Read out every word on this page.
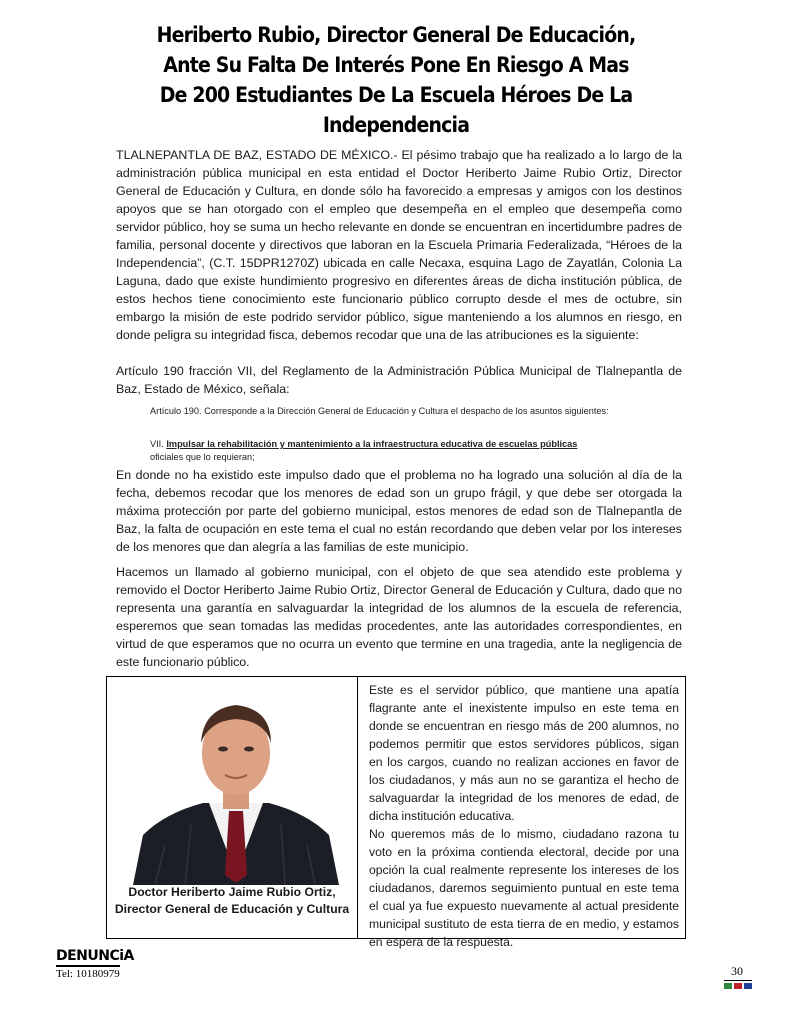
Heriberto Rubio, Director General De Educación, Ante Su Falta De Interés Pone En Riesgo A Mas De 200 Estudiantes De La Escuela Héroes De La Independencia

TLALNEPANTLA DE BAZ, ESTADO DE MÉXICO.- El pésimo trabajo que ha realizado a lo largo de la administración pública municipal en esta entidad el Doctor Heriberto Jaime Rubio Ortiz, Director General de Educación y Cultura, en donde sólo ha favorecido a empresas y amigos con los destinos apoyos que se han otorgado con el empleo que desempeña en el empleo que desempeña como servidor público, hoy se suma un hecho relevante en donde se encuentran en incertidumbre padres de familia, personal docente y directivos que laboran en la Escuela Primaria Federalizada, “Héroes de la Independencia”, (C.T. 15DPR1270Z) ubicada en calle Necaxa, esquina Lago de Zayatlán, Colonia La Laguna, dado que existe hundimiento progresivo en diferentes áreas de dicha institución pública, de estos hechos tiene conocimiento este funcionario público corrupto desde el mes de octubre, sin embargo la misión de este podrido servidor público, sigue manteniendo a los alumnos en riesgo, en donde peligra su integridad fisca, debemos recodar que una de las atribuciones es la siguiente:

Artículo 190 fracción VII, del Reglamento de la Administración Pública Municipal de Tlalnepantla de Baz, Estado de México, señala:

Artículo 190. Corresponde a la Dirección General de Educación y Cultura el despacho de los asuntos siguientes:

VII. Impulsar la rehabilitación y mantenimiento a la infraestructura educativa de escuelas públicas
oficiales que lo requieran;

En donde no ha existido este impulso dado que el problema no ha logrado una solución al día de la fecha, debemos recodar que los menores de edad son un grupo frágil, y que debe ser otorgada la máxima protección por parte del gobierno municipal, estos menores de edad son de Tlalnepantla de Baz, la falta de ocupación en este tema el cual no están recordando que deben velar por los intereses de los menores que dan alegría a las familias de este municipio.

Hacemos un llamado al gobierno municipal, con el objeto de que sea atendido este problema y removido el Doctor Heriberto Jaime Rubio Ortiz, Director General de Educación y Cultura, dado que no representa una garantía en salvaguardar la integridad de los alumnos de la escuela de referencia, esperemos que sean tomadas las medidas procedentes, ante las autoridades correspondientes, en virtud de que esperamos que no ocurra un evento que termine en una tragedia, ante la negligencia de este funcionario público.

Doctor Heriberto Jaime Rubio Ortiz,
Director General de Educación y Cultura
Este es el servidor público, que mantiene una apatía flagrante ante el inexistente impulso en este tema en donde se encuentran en riesgo más de 200 alumnos, no podemos permitir que estos servidores públicos, sigan en los cargos, cuando no realizan acciones en favor de los ciudadanos, y más aun no se garantiza el hecho de salvaguardar la integridad de los menores de edad, de dicha institución educativa.
No queremos más de lo mismo, ciudadano razona tu voto en la próxima contienda electoral, decide por una opción la cual realmente represente los intereses de los ciudadanos, daremos seguimiento puntual en este tema el cual ya fue expuesto nuevamente al actual presidente municipal sustituto de esta tierra de en medio, y estamos en espera de la respuesta.
DENUNCiA
Tel: 10180979	30
